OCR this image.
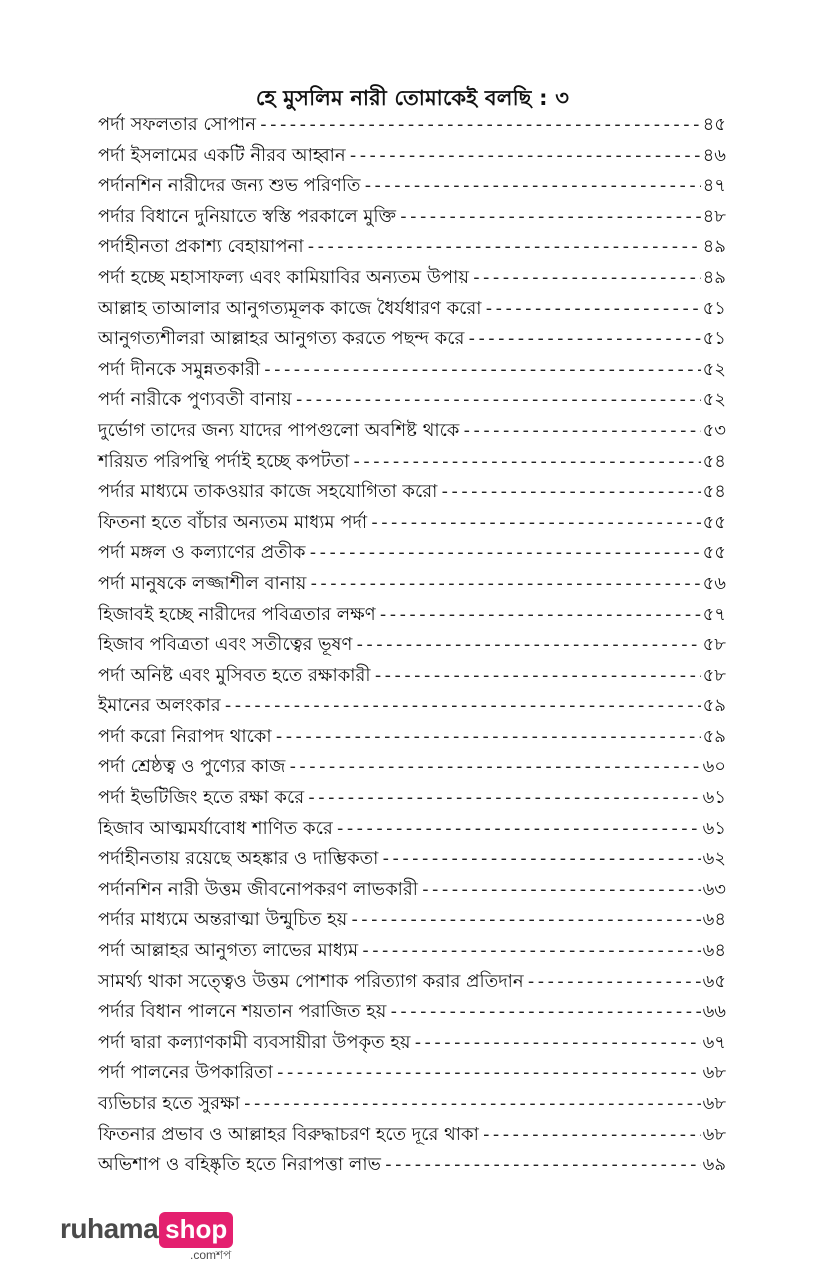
হে মুসলিম নারী তোমাকেই বলছি : ৩
পর্দা সফলতার সোপান -----	৪৫
পর্দা ইসলামের একটি নীরব আহ্বান -----	৪৬
পর্দানশিন নারীদের জন্য শুভ পরিণতি -----	৪৭
পর্দার বিধানে দুনিয়াতে স্বস্তি পরকালে মুক্তি -----	৪৮
পর্দাহীনতা প্রকাশ্য বেহায়াপনা -----	৪৯
পর্দা হচ্ছে মহাসাফল্য এবং কামিয়াবির অন্যতম উপায় -----	৪৯
আল্লাহ তাআলার আনুগত্যমূলক কাজে ধৈর্যধারণ করো -----	৫১
আনুগত্যশীলরা আল্লাহর আনুগত্য করতে পছন্দ করে -----	৫১
পর্দা দীনকে সমুন্নতকারী -----	৫২
পর্দা নারীকে পুণ্যবতী বানায় -----	৫২
দুর্ভোগ তাদের জন্য যাদের পাপগুলো অবশিষ্ট থাকে -----	৫৩
শরিয়ত পরিপন্থি পর্দাই হচ্ছে কপটতা -----	৫৪
পর্দার মাধ্যমে তাকওয়ার কাজে সহযোগিতা করো -----	৫৪
ফিতনা হতে বাঁচার অন্যতম মাধ্যম পর্দা -----	৫৫
পর্দা মঙ্গল ও কল্যাণের প্রতীক -----	৫৫
পর্দা মানুষকে লজ্জাশীল বানায় -----	৫৬
হিজাবই হচ্ছে নারীদের পবিত্রতার লক্ষণ -----	৫৭
হিজাব পবিত্রতা এবং সতীত্বের ভূষণ -----	৫৮
পর্দা অনিষ্ট এবং মুসিবত হতে রক্ষাকারী -----	৫৮
ইমানের অলংকার -----	৫৯
পর্দা করো নিরাপদ থাকো -----	৫৯
পর্দা শ্রেষ্ঠত্ব ও পুণ্যের কাজ -----	৬০
পর্দা ইভটিজিং হতে রক্ষা করে -----	৬১
হিজাব আত্মমর্যাবোধ শাণিত করে -----	৬১
পর্দাহীনতায় রয়েছে অহঙ্কার ও দাম্ভিকতা -----	৬২
পর্দানশিন নারী উত্তম জীবনোপকরণ লাভকারী -----	৬৩
পর্দার মাধ্যমে অন্তরাত্মা উন্মুচিত হয় -----	৬৪
পর্দা আল্লাহর আনুগত্য লাভের মাধ্যম -----	৬৪
সামর্থ্য থাকা সত্ত্বেও উত্তম পোশাক পরিত্যাগ করার প্রতিদান -----	৬৫
পর্দার বিধান পালনে শয়তান পরাজিত হয় -----	৬৬
পর্দা দ্বারা কল্যাণকামী ব্যবসায়ীরা উপকৃত হয় -----	৬৭
পর্দা পালনের উপকারিতা -----	৬৮
ব্যভিচার হতে সুরক্ষা -----	৬৮
ফিতনার প্রভাব ও আল্লাহর বিরুদ্ধাচরণ হতে দূরে থাকা -----	৬৮
অভিশাপ ও বহিষ্কৃতি হতে নিরাপত্তা লাভ -----	৬৯
ruhama shop
.comশপ
